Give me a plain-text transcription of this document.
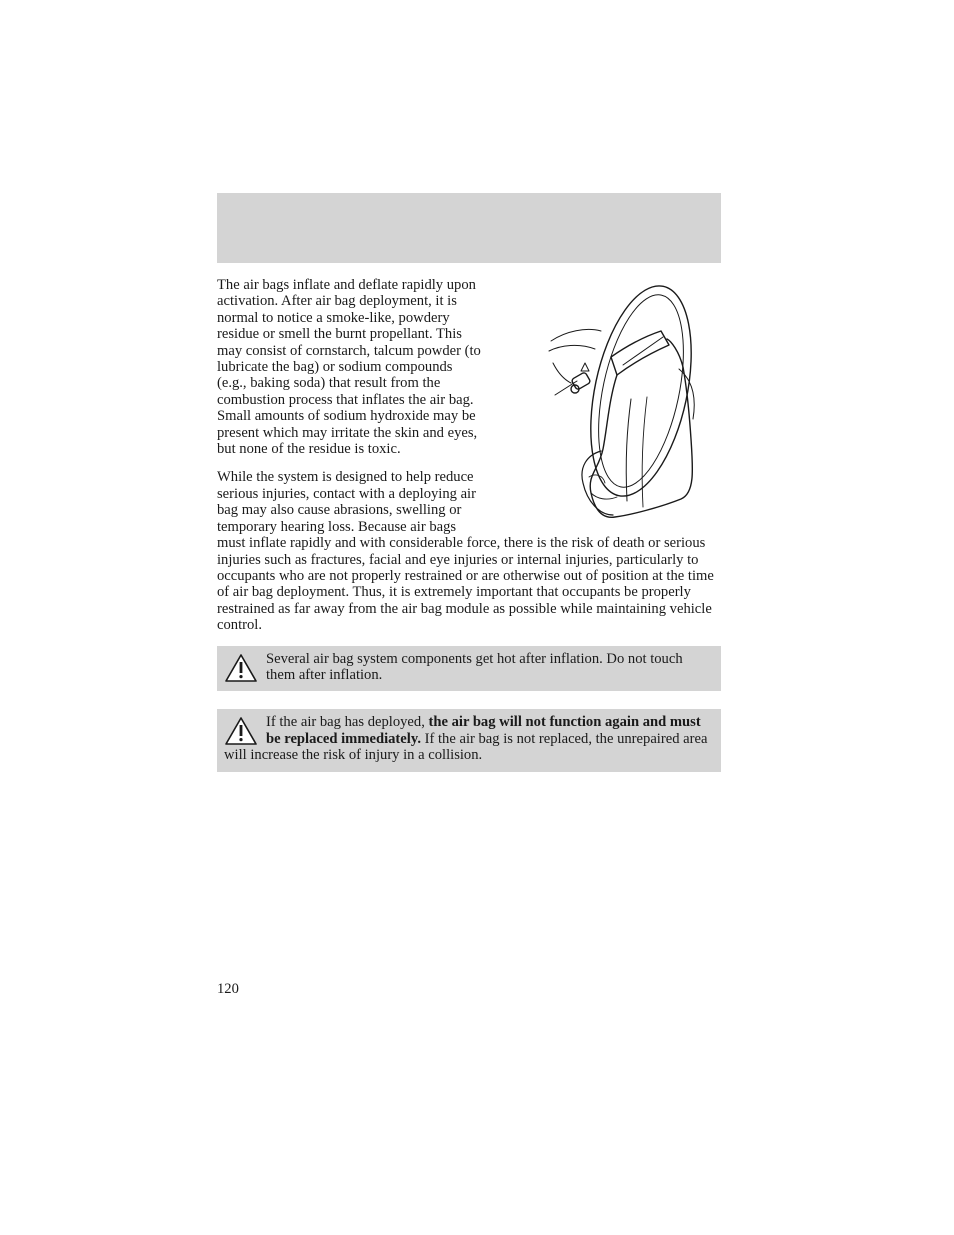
The air bags inflate and deflate rapidly upon activation. After air bag deployment, it is normal to notice a smoke-like, powdery residue or smell the burnt propellant. This may consist of cornstarch, talcum powder (to lubricate the bag) or sodium compounds (e.g., baking soda) that result from the combustion process that inflates the air bag. Small amounts of sodium hydroxide may be present which may irritate the skin and eyes, but none of the residue is toxic.

While the system is designed to help reduce serious injuries, contact with a deploying air bag may also cause abrasions, swelling or temporary hearing loss. Because air bags must inflate rapidly and with considerable force, there is the risk of death or serious injuries such as fractures, facial and eye injuries or internal injuries, particularly to occupants who are not properly restrained or are otherwise out of position at the time of air bag deployment. Thus, it is extremely important that occupants be properly restrained as far away from the air bag module as possible while maintaining vehicle control.

Several air bag system components get hot after inflation. Do not touch them after inflation.
If the air bag has deployed, the air bag will not function again and must be replaced immediately. If the air bag is not replaced, the unrepaired area will increase the risk of injury in a collision.
120
